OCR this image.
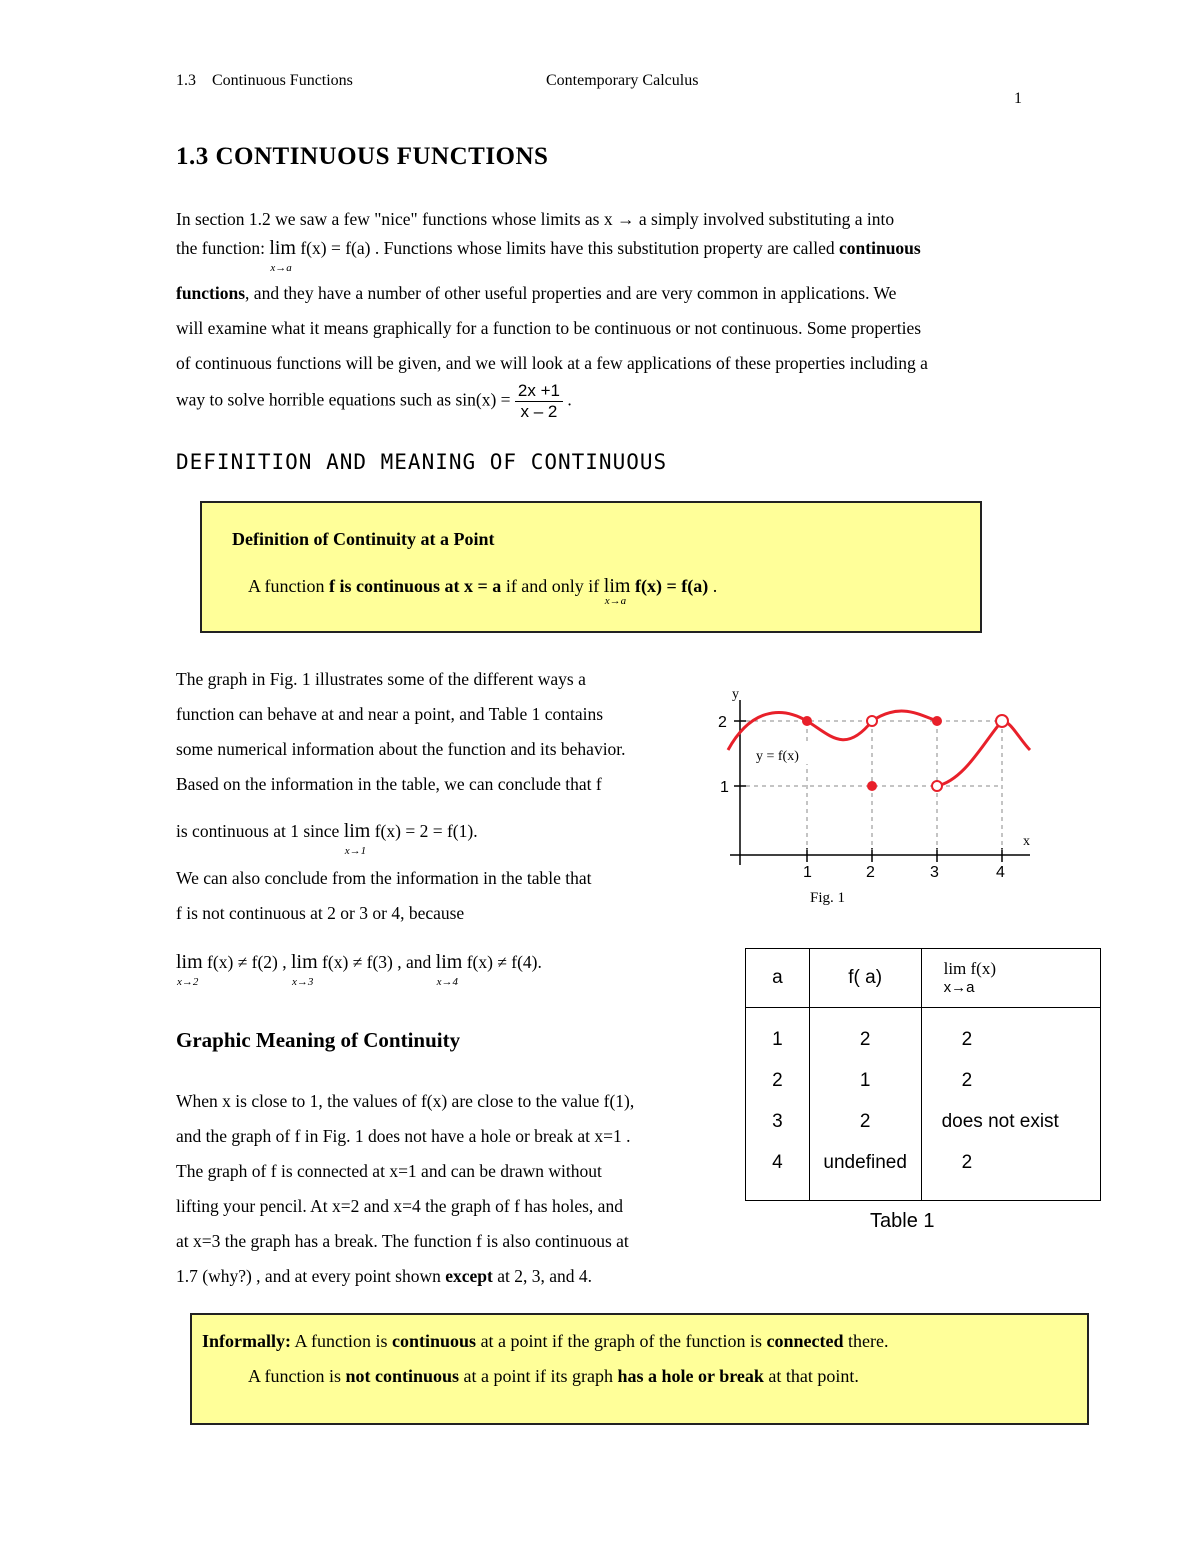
1.3 Continuous Functions	Contemporary Calculus
1
1.3 CONTINUOUS FUNCTIONS
In section 1.2 we saw a few "nice" functions whose limits as x → a simply involved substituting a into
the function: lim
x→a
f(x) = f(a) . Functions whose limits have this substitution property are called continuous
functions, and they have a number of other useful properties and are very common in applications. We
will examine what it means graphically for a function to be continuous or not continuous. Some properties
of continuous functions will be given, and we will look at a few applications of these properties including a
way to solve horrible equations such as $\sin(x) = \frac{2x +1}{x - 2}$ .
DEFINITION AND MEANING OF CONTINUOUS
Definition of Continuity at a Point
A function f is continuous at x = a if and only if lim
x→a
f(x) = f(a) .
The graph in Fig. 1 illustrates some of the different ways a
function can behave at and near a point, and Table 1 contains
some numerical information about the function and its behavior.
Based on the information in the table, we can conclude that f
is continuous at 1 since lim
x→1
f(x) = 2 = f(1).
We can also conclude from the information in the table that
f is not continuous at 2 or 3 or 4, because
lim
x→2
f(x) ≠ f(2) , lim
x→3
f(x) ≠ f(3) , and lim
x→4
f(x) ≠ f(4).
y = f(x)
y
x
2
1
1	2	3	4
Fig. 1
a	f( a)	lim f(x)
x→a
1	2	2
2	1	2
3	2	does not exist
4	undefined	2
Table 1
Graphic Meaning of Continuity
When x is close to 1, the values of f(x) are close to the value f(1),
and the graph of f in Fig. 1 does not have a hole or break at x=1 .
The graph of f is connected at x=1 and can be drawn without
lifting your pencil. At x=2 and x=4 the graph of f has holes, and
at x=3 the graph has a break. The function f is also continuous at
1.7 (why?) , and at every point shown except at 2, 3, and 4.
Informally: A function is continuous at a point if the graph of the function is connected there.
A function is not continuous at a point if its graph has a hole or break at that point.
